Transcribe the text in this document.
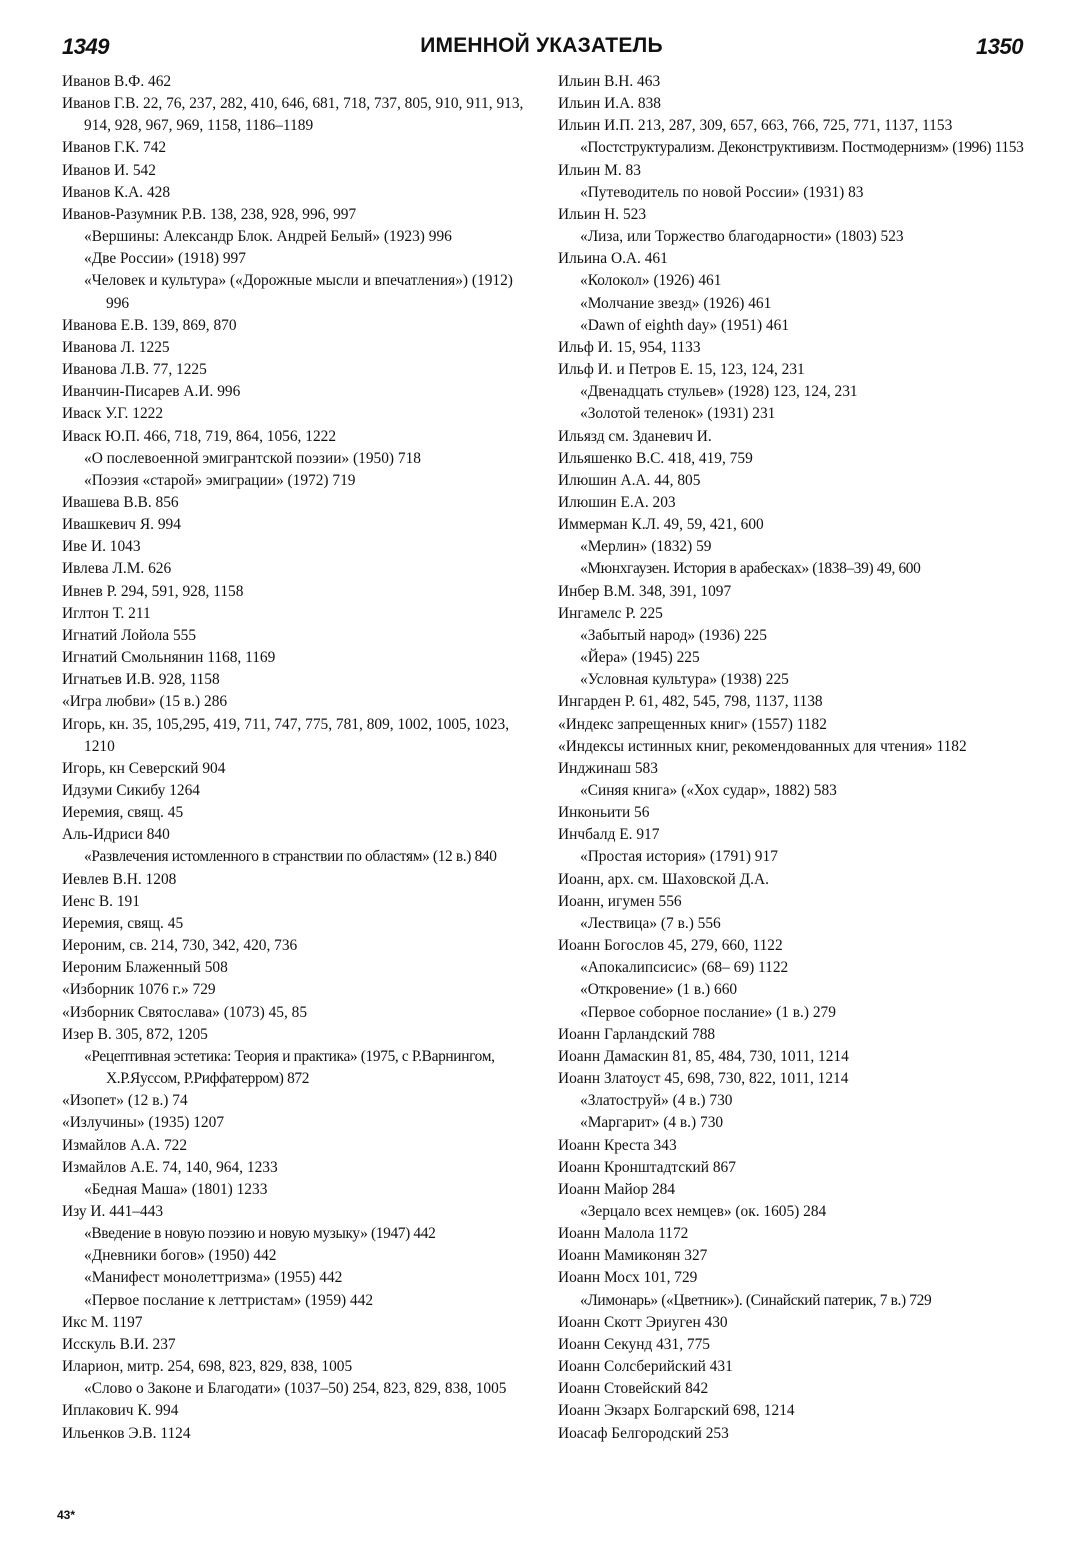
1349	ИМЕННОЙ УКАЗАТЕЛЬ	1350
Иванов В.Ф. 462
Иванов Г.В. 22, 76, 237, 282, 410, 646, 681, 718, 737, 805, 910, 911, 913, 914, 928, 967, 969, 1158, 1186–1189
Иванов Г.К. 742
Иванов И. 542
Иванов К.А. 428
Иванов-Разумник Р.В. 138, 238, 928, 996, 997
«Вершины: Александр Блок. Андрей Белый» (1923) 996
«Две России» (1918) 997
«Человек и культура» («Дорожные мысли и впечатления») (1912) 996
Иванова Е.В. 139, 869, 870
Иванова Л. 1225
Иванова Л.В. 77, 1225
Иванчин-Писарев А.И. 996
Иваск У.Г. 1222
Иваск Ю.П. 466, 718, 719, 864, 1056, 1222
«О послевоенной эмигрантской поэзии» (1950) 718
«Поэзия «старой» эмиграции» (1972) 719
Ивашева В.В. 856
Ивашкевич Я. 994
Иве И. 1043
Ивлева Л.М. 626
Ивнев Р. 294, 591, 928, 1158
Иглтон Т. 211
Игнатий Лойола 555
Игнатий Смольнянин 1168, 1169
Игнатьев И.В. 928, 1158
«Игра любви» (15 в.) 286
Игорь, кн. 35, 105,295, 419, 711, 747, 775, 781, 809, 1002, 1005, 1023, 1210
Игорь, кн Северский 904
Идзуми Сикибу 1264
Иеремия, свящ. 45
Аль-Идриси 840
«Развлечения истомленного в странствии по областям» (12 в.) 840
Иевлев В.Н. 1208
Иенс В. 191
Иеремия, свящ. 45
Иероним, св. 214, 730, 342, 420, 736
Иероним Блаженный 508
«Изборник 1076 г.» 729
«Изборник Святослава» (1073) 45, 85
Изер В. 305, 872, 1205
«Рецептивная эстетика: Теория и практика» (1975, с Р.Варнингом, Х.Р.Яуссом, Р.Риффатерром) 872
«Изопет» (12 в.) 74
«Излучины» (1935) 1207
Измайлов А.А. 722
Измайлов А.Е. 74, 140, 964, 1233
«Бедная Маша» (1801) 1233
Изу И. 441–443
«Введение в новую поэзию и новую музыку» (1947) 442
«Дневники богов» (1950) 442
«Манифест монолеттризма» (1955) 442
«Первое послание к леттристам» (1959) 442
Икс М. 1197
Исскуль В.И. 237
Иларион, митр. 254, 698, 823, 829, 838, 1005
«Слово о Законе и Благодати» (1037–50) 254, 823, 829, 838, 1005
Иплакович К. 994
Ильенков Э.В. 1124
Ильин В.Н. 463
Ильин И.А. 838
Ильин И.П. 213, 287, 309, 657, 663, 766, 725, 771, 1137, 1153
«Постструктурализм. Деконструктивизм. Постмодернизм» (1996) 1153
Ильин М. 83
«Путеводитель по новой России» (1931) 83
Ильин Н. 523
«Лиза, или Торжество благодарности» (1803) 523
Ильина О.А. 461
«Колокол» (1926) 461
«Молчание звезд» (1926) 461
«Dawn of eighth day» (1951) 461
Ильф И. 15, 954, 1133
Ильф И. и Петров Е. 15, 123, 124, 231
«Двенадцать стульев» (1928) 123, 124, 231
«Золотой теленок» (1931) 231
Ильязд см. Зданевич И.
Ильяшенко В.С. 418, 419, 759
Илюшин А.А. 44, 805
Илюшин Е.А. 203
Иммерман К.Л. 49, 59, 421, 600
«Мерлин» (1832) 59
«Мюнхгаузен. История в арабесках» (1838–39) 49, 600
Инбер В.М. 348, 391, 1097
Ингамелс Р. 225
«Забытый народ» (1936) 225
«Йера» (1945) 225
«Условная культура» (1938) 225
Ингарден Р. 61, 482, 545, 798, 1137, 1138
«Индекс запрещенных книг» (1557) 1182
«Индексы истинных книг, рекомендованных для чтения» 1182
Инджинаш 583
«Синяя книга» («Хох судар», 1882) 583
Инконьити 56
Инчбалд Е. 917
«Простая история» (1791) 917
Иоанн, арх. см. Шаховской Д.А.
Иоанн, игумен 556
«Лествица» (7 в.) 556
Иоанн Богослов 45, 279, 660, 1122
«Апокалипсисис» (68– 69) 1122
«Откровение» (1 в.) 660
«Первое соборное послание» (1 в.) 279
Иоанн Гарландский 788
Иоанн Дамаскин 81, 85, 484, 730, 1011, 1214
Иоанн Златоуст 45, 698, 730, 822, 1011, 1214
«Златоструй» (4 в.) 730
«Маргарит» (4 в.) 730
Иоанн Креста 343
Иоанн Кронштадтский 867
Иоанн Майор 284
«Зерцало всех немцев» (ок. 1605) 284
Иоанн Малола 1172
Иоанн Мамиконян 327
Иоанн Мосх 101, 729
«Лимонарь» («Цветник»). (Синайский патерик, 7 в.) 729
Иоанн Скотт Эриуген 430
Иоанн Секунд 431, 775
Иоанн Солсберийский 431
Иоанн Стовейский 842
Иоанн Экзарх Болгарский 698, 1214
Иоасаф Белгородский 253
43*
